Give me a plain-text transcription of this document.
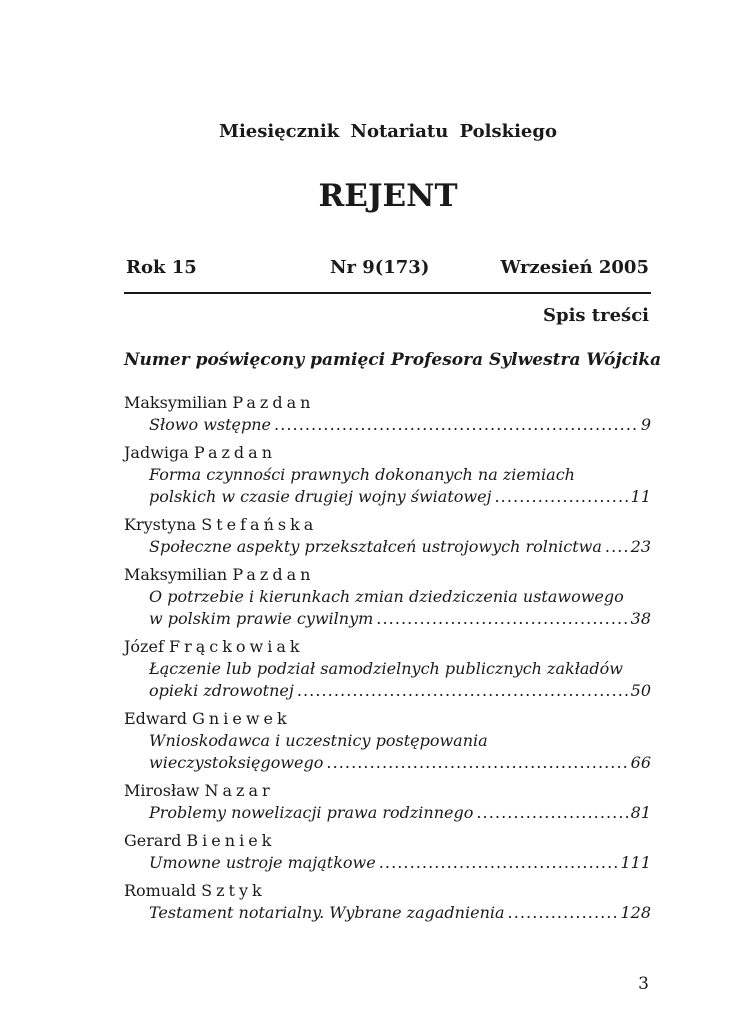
Miesięcznik Notariatu Polskiego
REJENT
Rok 15	Nr 9(173)	Wrzesień 2005
Spis treści
Numer poświęcony pamięci Profesora Sylwestra Wójcika
Maksymilian Pazdan
Słowo wstępne . . .	9
Jadwiga Pazdan
Forma czynności prawnych dokonanych na ziemiach
polskich w czasie drugiej wojny światowej . . .	11
Krystyna Stefańska
Społeczne aspekty przekształceń ustrojowych rolnictwa . . . 23
Maksymilian Pazdan
O potrzebie i kierunkach zmian dziedziczenia ustawowego
w polskim prawie cywilnym . . .	38
Józef Frąckowiak
Łączenie lub podział samodzielnych publicznych zakładów
opieki zdrowotnej . . .	50
Edward Gniewek
Wnioskodawca i uczestnicy postępowania
wieczystoksięgowego . . .	66
Mirosław Nazar
Problemy nowelizacji prawa rodzinnego . . .	81
Gerard Bieniek
Umowne ustroje majątkowe . . .	111
Romuald Sztyk
Testament notarialny. Wybrane zagadnienia . . .	128
3
